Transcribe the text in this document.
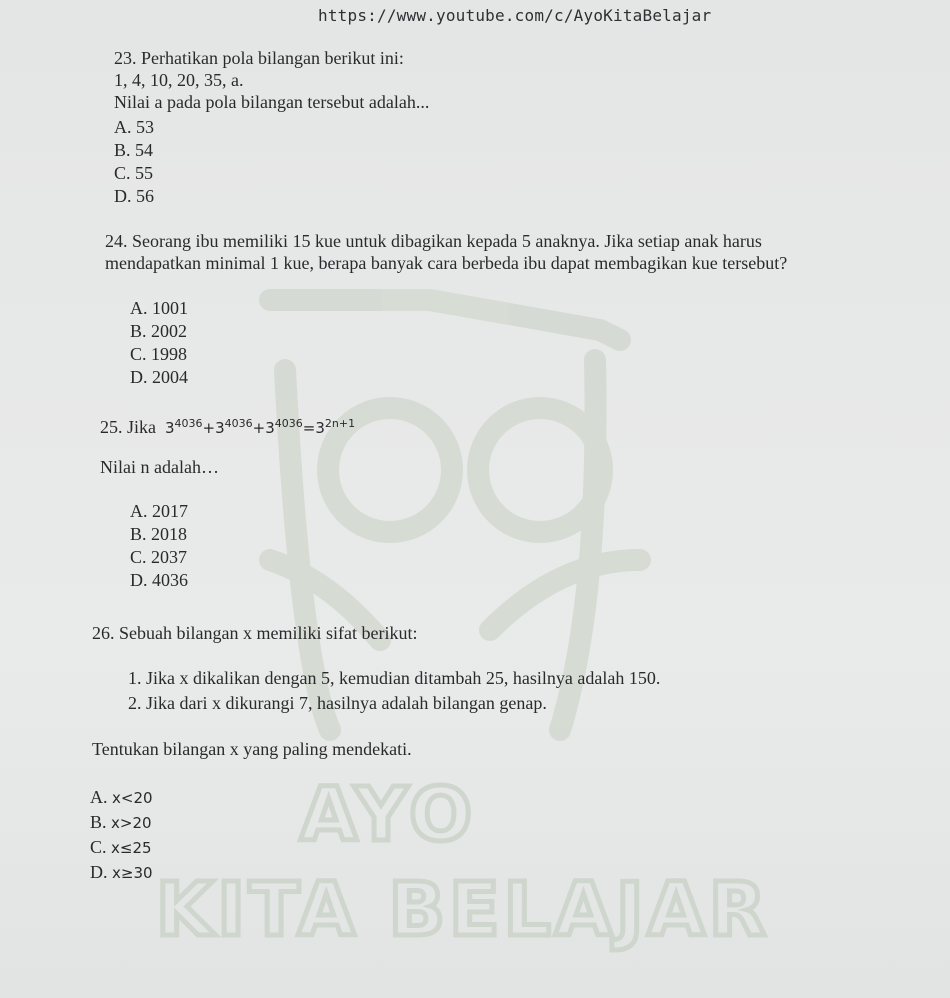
AYO
KITA BELAJAR
https://www.youtube.com/c/AyoKitaBelajar
23. Perhatikan pola bilangan berikut ini:
1, 4, 10, 20, 35, a.
Nilai a pada pola bilangan tersebut adalah...
A. 53
B. 54
C. 55
D. 56
24. Seorang ibu memiliki 15 kue untuk dibagikan kepada 5 anaknya. Jika setiap anak harus
mendapatkan minimal 1 kue, berapa banyak cara berbeda ibu dapat membagikan kue tersebut?
A. 1001
B. 2002
C. 1998
D. 2004
25. Jika $3^{4036}+3^{4036}+3^{4036}=3^{2n+1}$
Nilai n adalah…
A. 2017
B. 2018
C. 2037
D. 4036
26. Sebuah bilangan x memiliki sifat berikut:
1. Jika x dikalikan dengan 5, kemudian ditambah 25, hasilnya adalah 150.
2. Jika dari x dikurangi 7, hasilnya adalah bilangan genap.
Tentukan bilangan x yang paling mendekati.
A. x<20
B. x>20
C. x≤25
D. x≥30
